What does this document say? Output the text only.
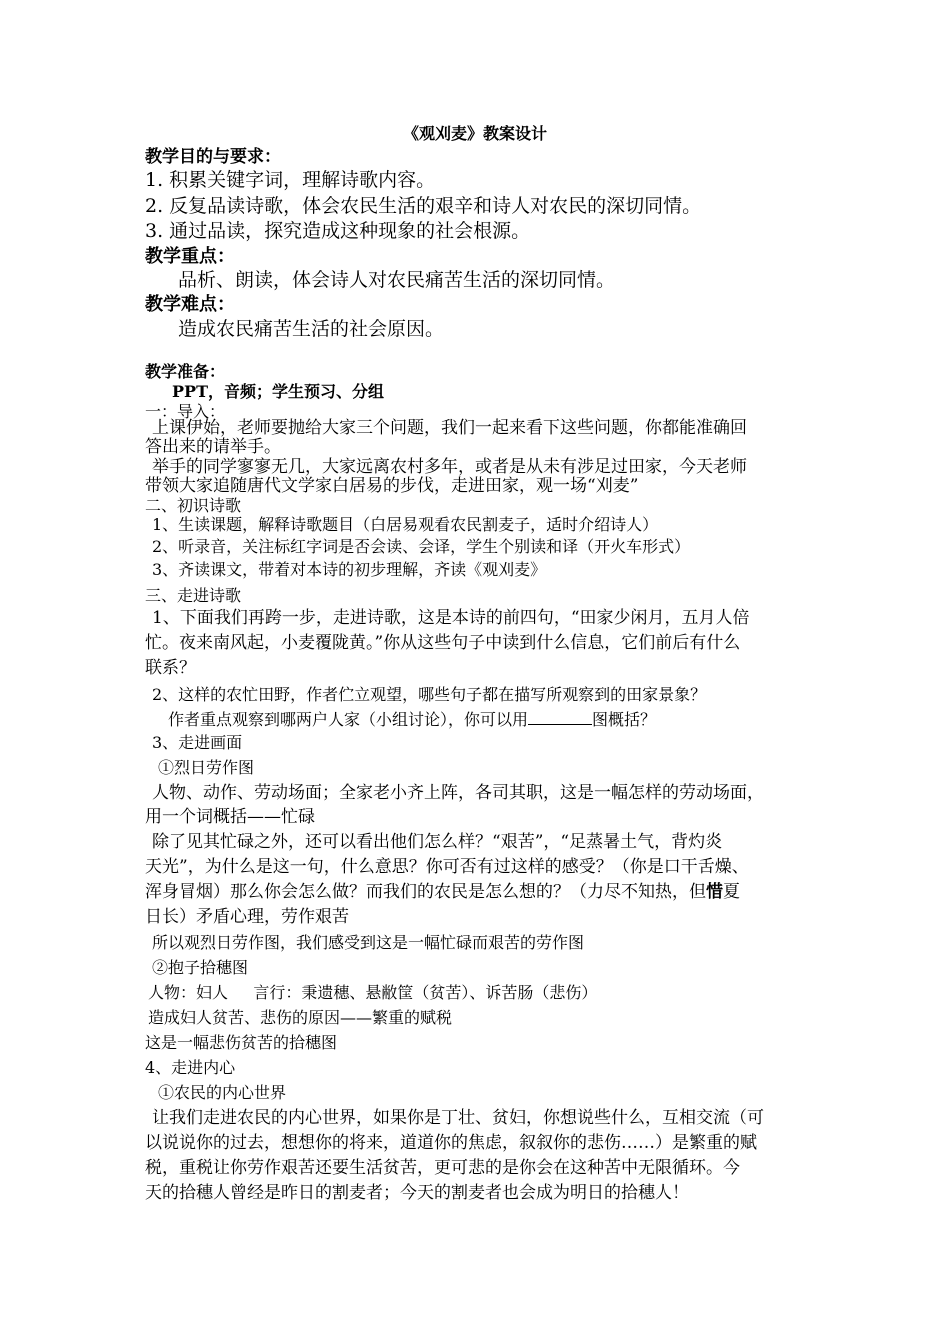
《观刈麦》教案设计
教学目的与要求：
1. 积累关键字词，理解诗歌内容。
2. 反复品读诗歌，体会农民生活的艰辛和诗人对农民的深切同情。
3. 通过品读，探究造成这种现象的社会根源。
教学重点：
品析、朗读，体会诗人对农民痛苦生活的深切同情。
教学难点：
造成农民痛苦生活的社会原因。
教学准备：
PPT，音频；学生预习、分组
一：导入：
上课伊始，老师要抛给大家三个问题，我们一起来看下这些问题，你都能准确回
答出来的请举手。
举手的同学寥寥无几，大家远离农村多年，或者是从未有涉足过田家，今天老师
带领大家追随唐代文学家白居易的步伐，走进田家，观一场“刈麦”
二、初识诗歌
1、生读课题，解释诗歌题目（白居易观看农民割麦子，适时介绍诗人）
2、听录音，关注标红字词是否会读、会译，学生个别读和译（开火车形式）
3、齐读课文，带着对本诗的初步理解，齐读《观刈麦》
三、走进诗歌
1、下面我们再跨一步，走进诗歌，这是本诗的前四句，“田家少闲月，五月人倍
忙。夜来南风起，小麦覆陇黄。”你从这些句子中读到什么信息，它们前后有什么
联系？
2、这样的农忙田野，作者伫立观望，哪些句子都在描写所观察到的田家景象？
作者重点观察到哪两户人家（小组讨论），你可以用	图概括？
3、走进画面
①烈日劳作图
人物、动作、劳动场面；全家老小齐上阵，各司其职，这是一幅怎样的劳动场面，
用一个词概括——忙碌
除了见其忙碌之外，还可以看出他们怎么样？“艰苦”，“足蒸暑土气，背灼炎
天光”，为什么是这一句，什么意思？你可否有过这样的感受？（你是口干舌燥、
浑身冒烟）那么你会怎么做？而我们的农民是怎么想的？（力尽不知热，但惜夏
日长）矛盾心理，劳作艰苦
所以观烈日劳作图，我们感受到这是一幅忙碌而艰苦的劳作图
②抱子拾穗图
人物：妇人     言行：秉遗穗、悬敝筐（贫苦）、诉苦肠（悲伤）
造成妇人贫苦、悲伤的原因——繁重的赋税
这是一幅悲伤贫苦的拾穗图
4、走进内心
①农民的内心世界
让我们走进农民的内心世界，如果你是丁壮、贫妇，你想说些什么，互相交流（可
以说说你的过去，想想你的将来，道道你的焦虑，叙叙你的悲伤……）是繁重的赋
税，重税让你劳作艰苦还要生活贫苦，更可悲的是你会在这种苦中无限循环。今
天的拾穗人曾经是昨日的割麦者；今天的割麦者也会成为明日的拾穗人！
